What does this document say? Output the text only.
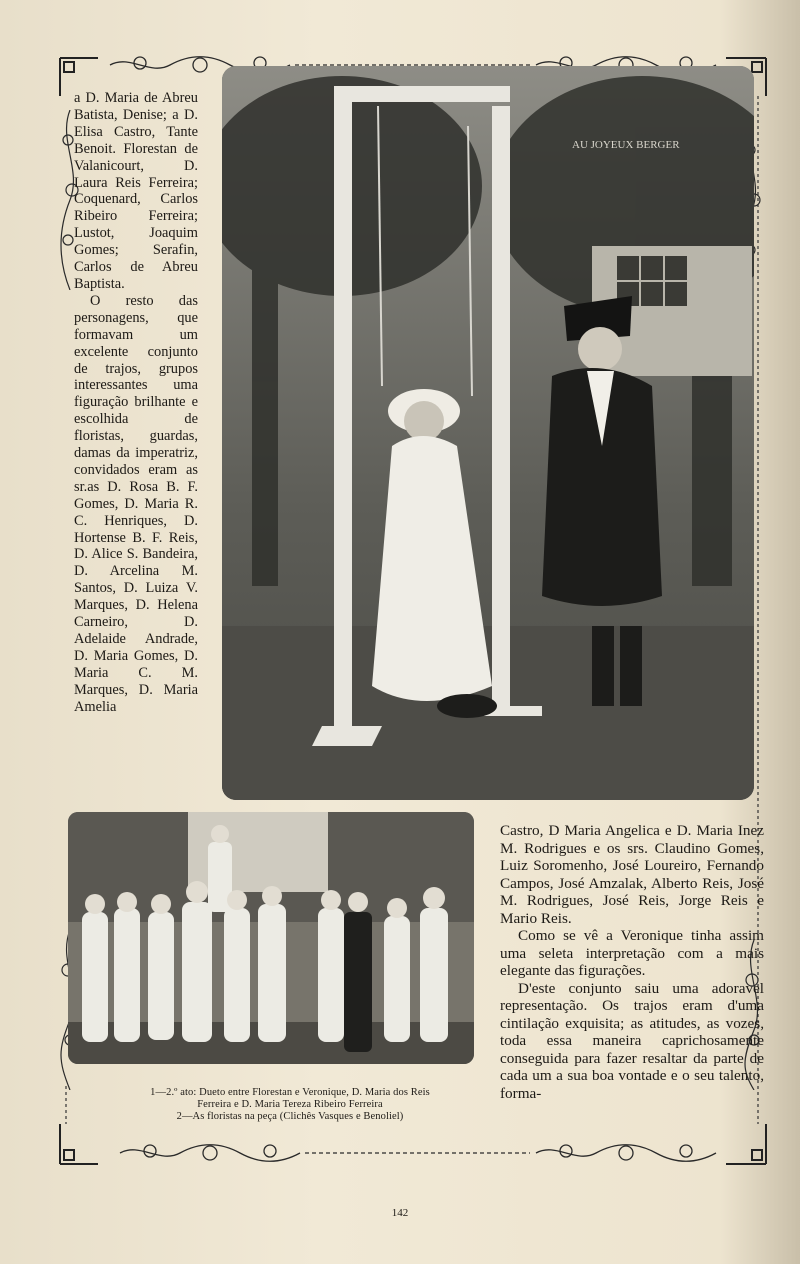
a D. Maria de Abreu Batista, Denise; a D. Elisa Castro, Tante Benoit. Florestan de Valanicourt, D. Laura Reis Ferreira; Coquenard, Carlos Ribeiro Ferreira; Lustot, Joaquim Gomes; Serafin, Carlos de Abreu Baptista.

O resto das personagens, que formavam um excelente conjunto de trajos, grupos interessantes uma figuração brilhante e escolhida de floristas, guardas, damas da imperatriz, convidados eram as sr.as D. Rosa B. F. Gomes, D. Maria R. C. Henriques, D. Hortense B. F. Reis, D. Alice S. Bandeira, D. Arcelina M. Santos, D. Luiza V. Marques, D. Helena Carneiro, D. Adelaide Andrade, D. Maria Gomes, D. Maria C. M. Marques, D. Maria Amelia

AU JOYEUX BERGER

Castro, D Maria Angelica e D. Maria Inez M. Rodrigues e os srs. Claudino Gomes, Luiz Soromenho, José Loureiro, Fernando Campos, José Amzalak, Alberto Reis, José M. Rodrigues, José Reis, Jorge Reis e Mario Reis.

Como se vê a Veronique tinha assim uma seleta interpretação com a mais elegante das figurações.

D'este conjunto saiu uma adoravel representação. Os trajos eram d'uma cintilação exquisita; as atitudes, as vozes, toda essa maneira caprichosamente conseguida para fazer resaltar da parte de cada um a sua boa vontade e o seu talento, forma-

1—2.º ato: Dueto entre Florestan e Veronique, D. Maria dos Reis
Ferreira e D. Maria Tereza Ribeiro Ferreira
2—As floristas na peça (Clichês Vasques e Benoliel)
142
